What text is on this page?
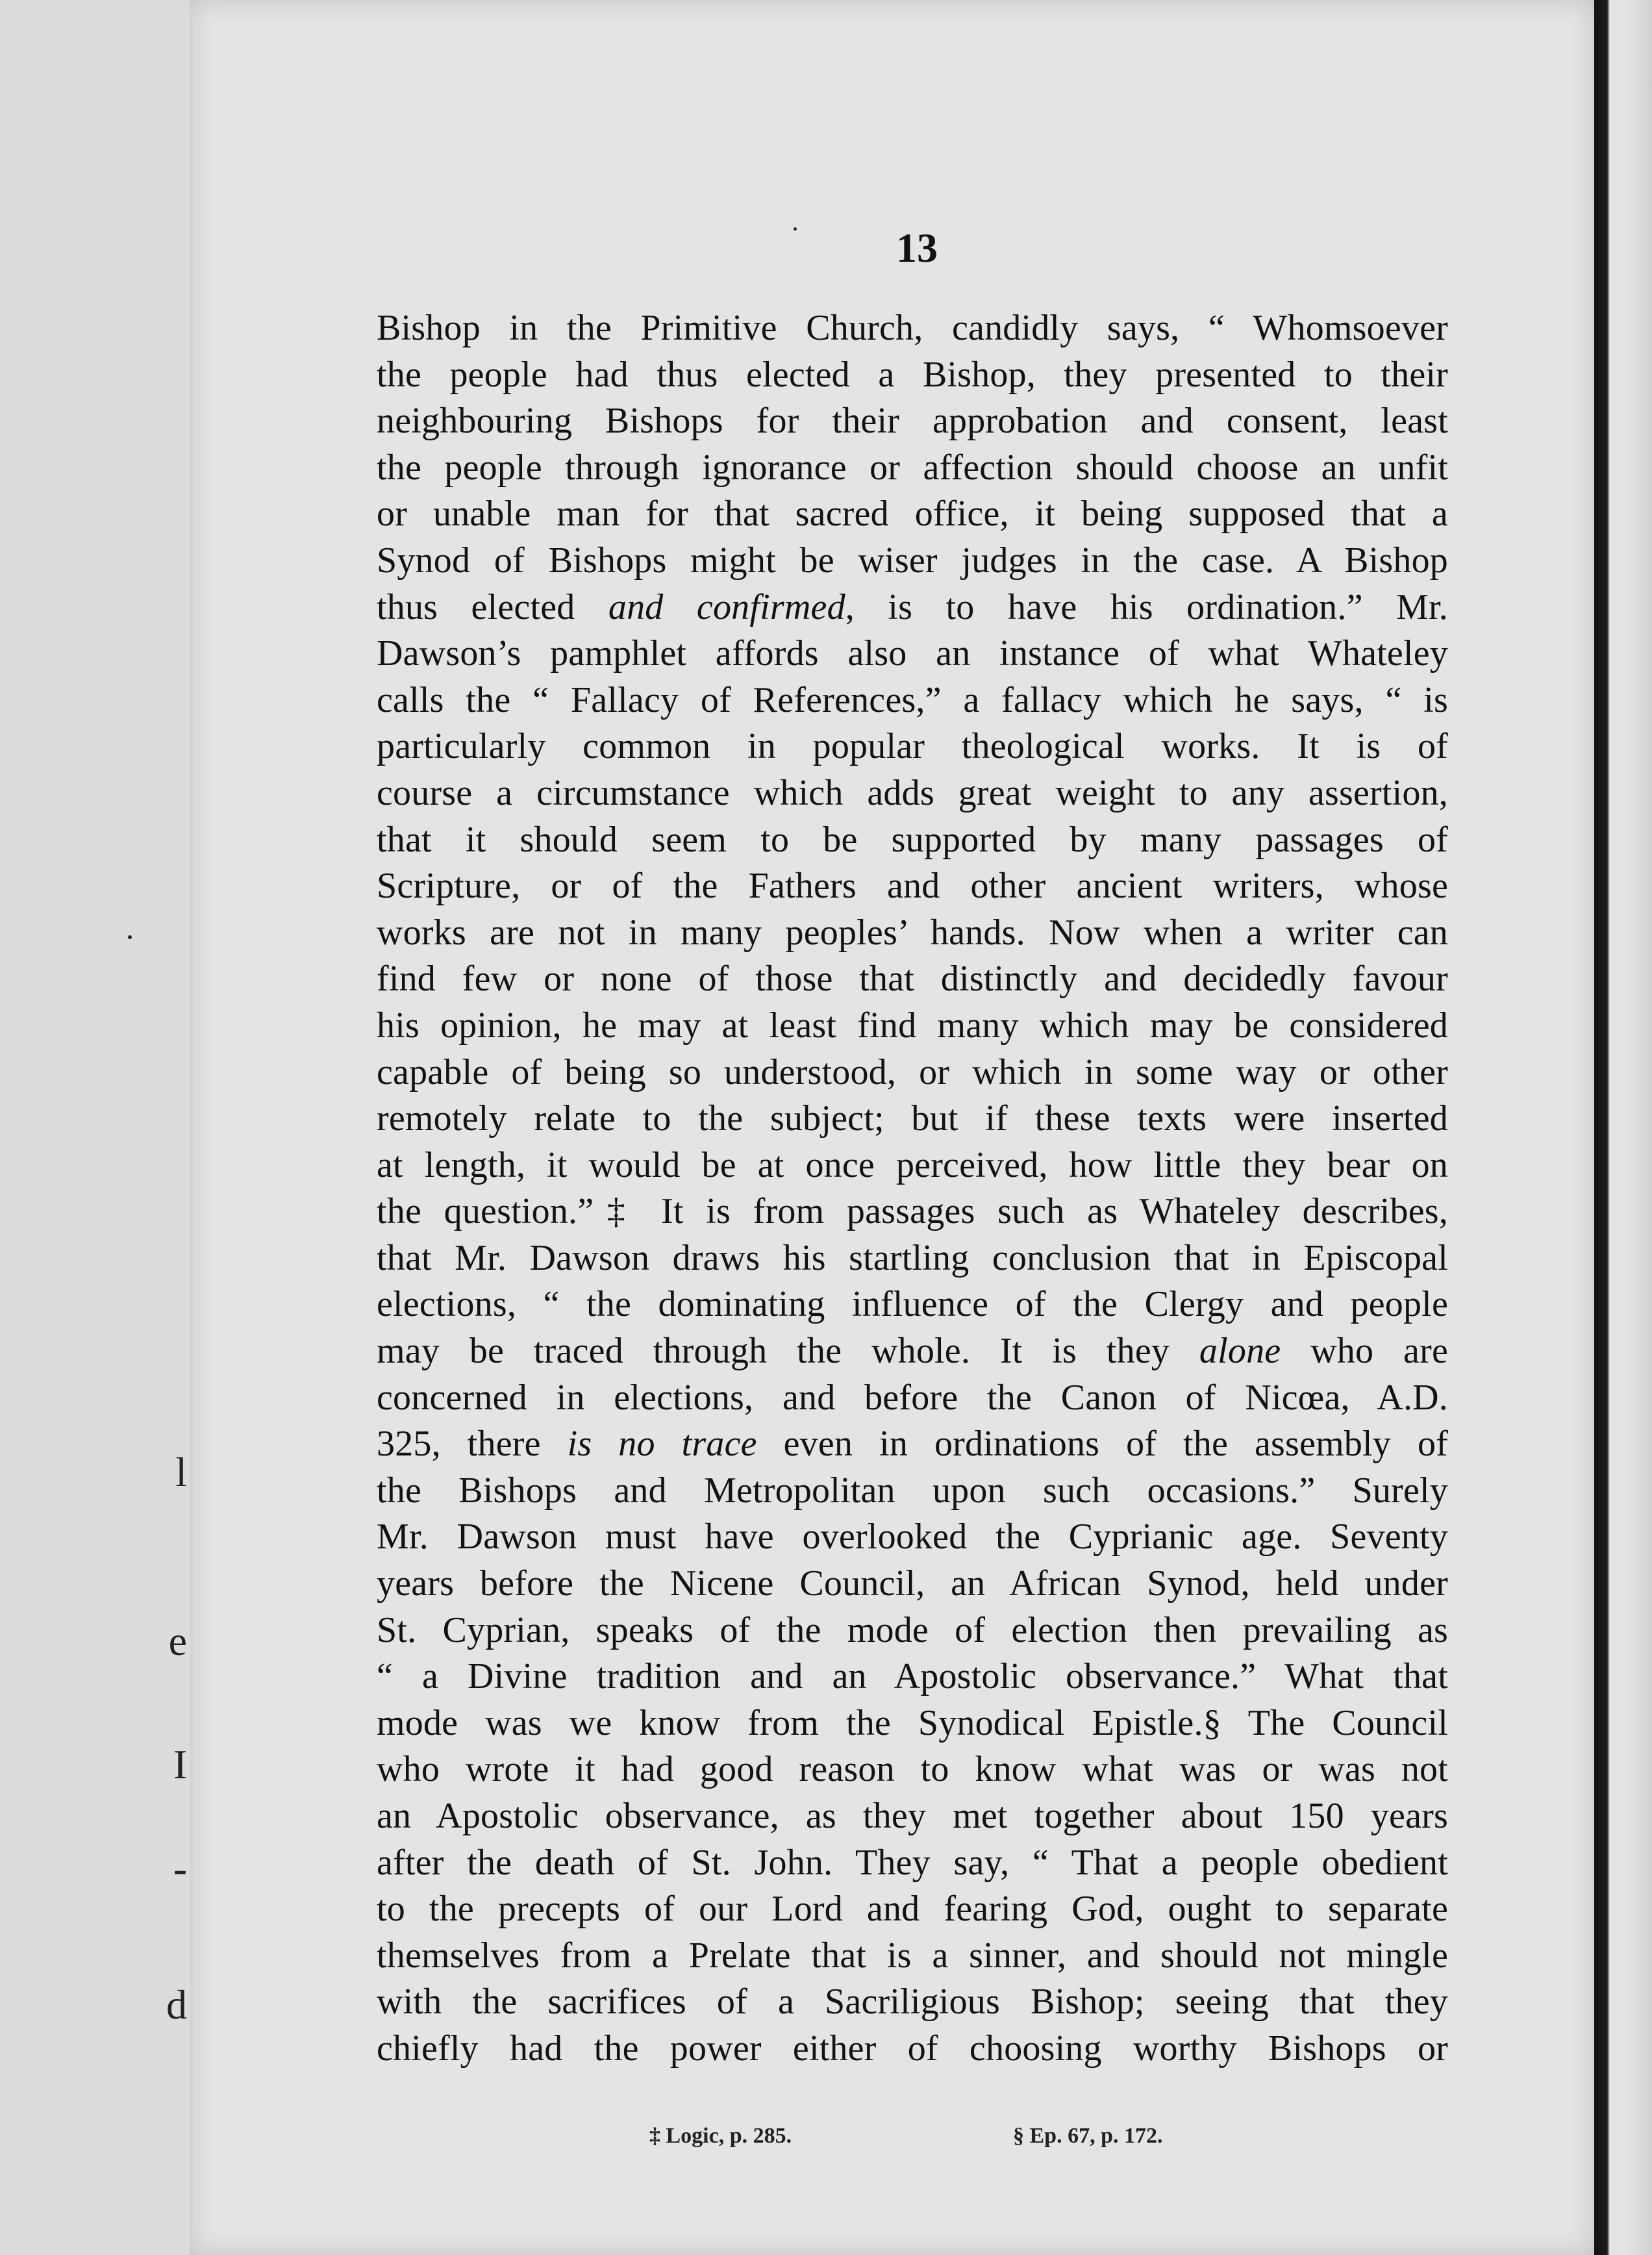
l
e
I
-
d
13
Bishop in the Primitive Church, candidly says, “ Whomsoever
the people had thus elected a Bishop, they presented to their
neighbouring Bishops for their approbation and consent, least
the people through ignorance or affection should choose an unfit
or unable man for that sacred office, it being supposed that a
Synod of Bishops might be wiser judges in the case. A Bishop
thus elected and confirmed, is to have his ordination.” Mr.
Dawson’s pamphlet affords also an instance of what Whateley
calls the “ Fallacy of References,” a fallacy which he says, “ is
particularly common in popular theological works. It is of
course a circumstance which adds great weight to any assertion,
that it should seem to be supported by many passages of
Scripture, or of the Fathers and other ancient writers, whose
works are not in many peoples’ hands. Now when a writer can
find few or none of those that distinctly and decidedly favour
his opinion, he may at least find many which may be considered
capable of being so understood, or which in some way or other
remotely relate to the subject; but if these texts were inserted
at length, it would be at once perceived, how little they bear on
the question.”‡ It is from passages such as Whateley describes,
that Mr. Dawson draws his startling conclusion that in Episcopal
elections, “ the dominating influence of the Clergy and people
may be traced through the whole. It is they alone who are
concerned in elections, and before the Canon of Nicœa, A.D.
325, there is no trace even in ordinations of the assembly of
the Bishops and Metropolitan upon such occasions.” Surely
Mr. Dawson must have overlooked the Cyprianic age. Seventy
years before the Nicene Council, an African Synod, held under
St. Cyprian, speaks of the mode of election then prevailing as
“ a Divine tradition and an Apostolic observance.” What that
mode was we know from the Synodical Epistle.§ The Council
who wrote it had good reason to know what was or was not
an Apostolic observance, as they met together about 150 years
after the death of St. John. They say, “ That a people obedient
to the precepts of our Lord and fearing God, ought to separate
themselves from a Prelate that is a sinner, and should not mingle
with the sacrifices of a Sacriligious Bishop; seeing that they
chiefly had the power either of choosing worthy Bishops or
‡ Logic, p. 285.	§ Ep. 67, p. 172.
